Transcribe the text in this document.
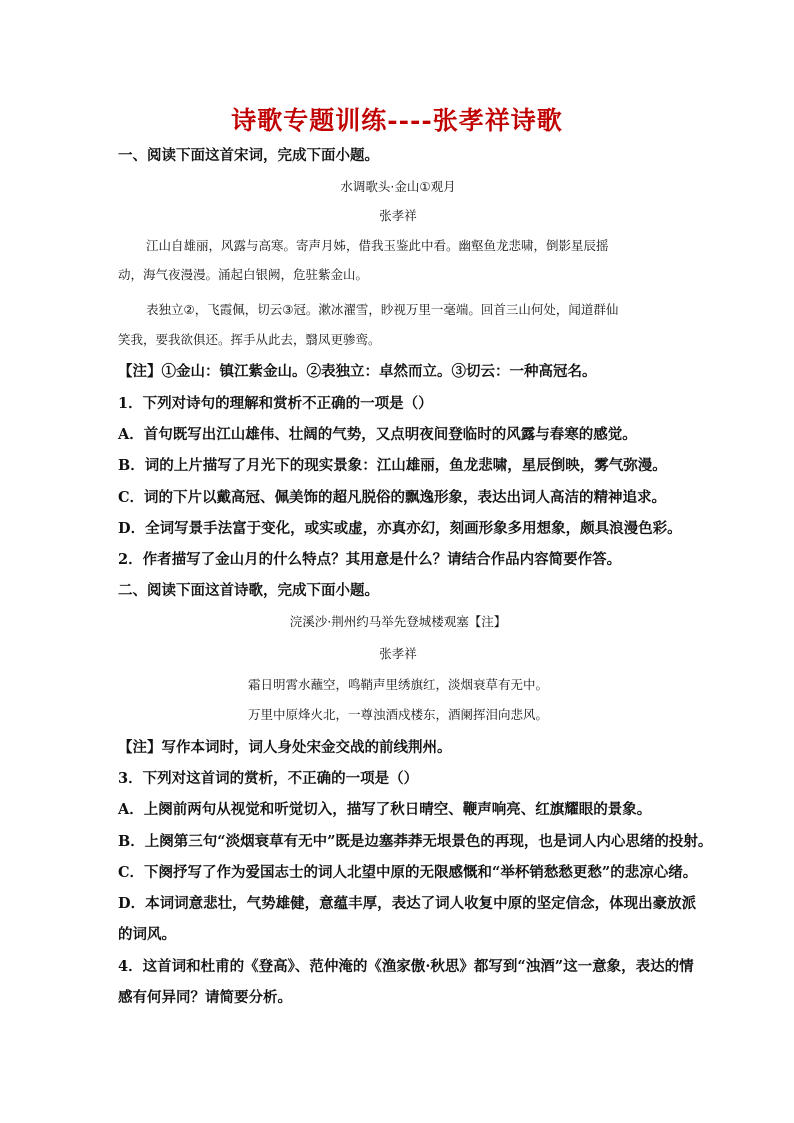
诗歌专题训练----张孝祥诗歌
一、阅读下面这首宋词，完成下面小题。
水调歌头·金山①观月
张孝祥
江山自雄丽，风露与高寒。寄声月姊，借我玉鉴此中看。幽壑鱼龙悲啸，倒影星辰摇
动，海气夜漫漫。涌起白银阙，危驻紫金山。
表独立②，飞霞佩，切云③冠。漱冰濯雪，眇视万里一毫端。回首三山何处，闻道群仙
笑我，要我欲俱还。挥手从此去，翳凤更骖鸾。
【注】①金山：镇江紫金山。②表独立：卓然而立。③切云：一种高冠名。
1．下列对诗句的理解和赏析不正确的一项是（）
A．首句既写出江山雄伟、壮阔的气势，又点明夜间登临时的风露与春寒的感觉。
B．词的上片描写了月光下的现实景象：江山雄丽，鱼龙悲啸，星辰倒映，雾气弥漫。
C．词的下片以戴高冠、佩美饰的超凡脱俗的飘逸形象，表达出词人高洁的精神追求。
D．全词写景手法富于变化，或实或虚，亦真亦幻，刻画形象多用想象，颇具浪漫色彩。
2．作者描写了金山月的什么特点？其用意是什么？请结合作品内容简要作答。
二、阅读下面这首诗歌，完成下面小题。
浣溪沙·荆州约马举先登城楼观塞【注】
张孝祥
霜日明霄水蘸空，鸣鞘声里绣旗红，淡烟衰草有无中。
万里中原烽火北，一尊浊酒戍楼东，酒阑挥泪向悲风。
【注】写作本词时，词人身处宋金交战的前线荆州。
3．下列对这首词的赏析，不正确的一项是（）
A．上阕前两句从视觉和听觉切入，描写了秋日晴空、鞭声响亮、红旗耀眼的景象。
B．上阕第三句“淡烟衰草有无中”既是边塞莽莽无垠景色的再现，也是词人内心思绪的投射。
C．下阕抒写了作为爱国志士的词人北望中原的无限感慨和“举杯销愁愁更愁”的悲凉心绪。
D．本词词意悲壮，气势雄健，意蕴丰厚，表达了词人收复中原的坚定信念，体现出豪放派
的词风。
4．这首词和杜甫的《登高》、范仲淹的《渔家傲·秋思》都写到“浊酒”这一意象，表达的情
感有何异同？请简要分析。
